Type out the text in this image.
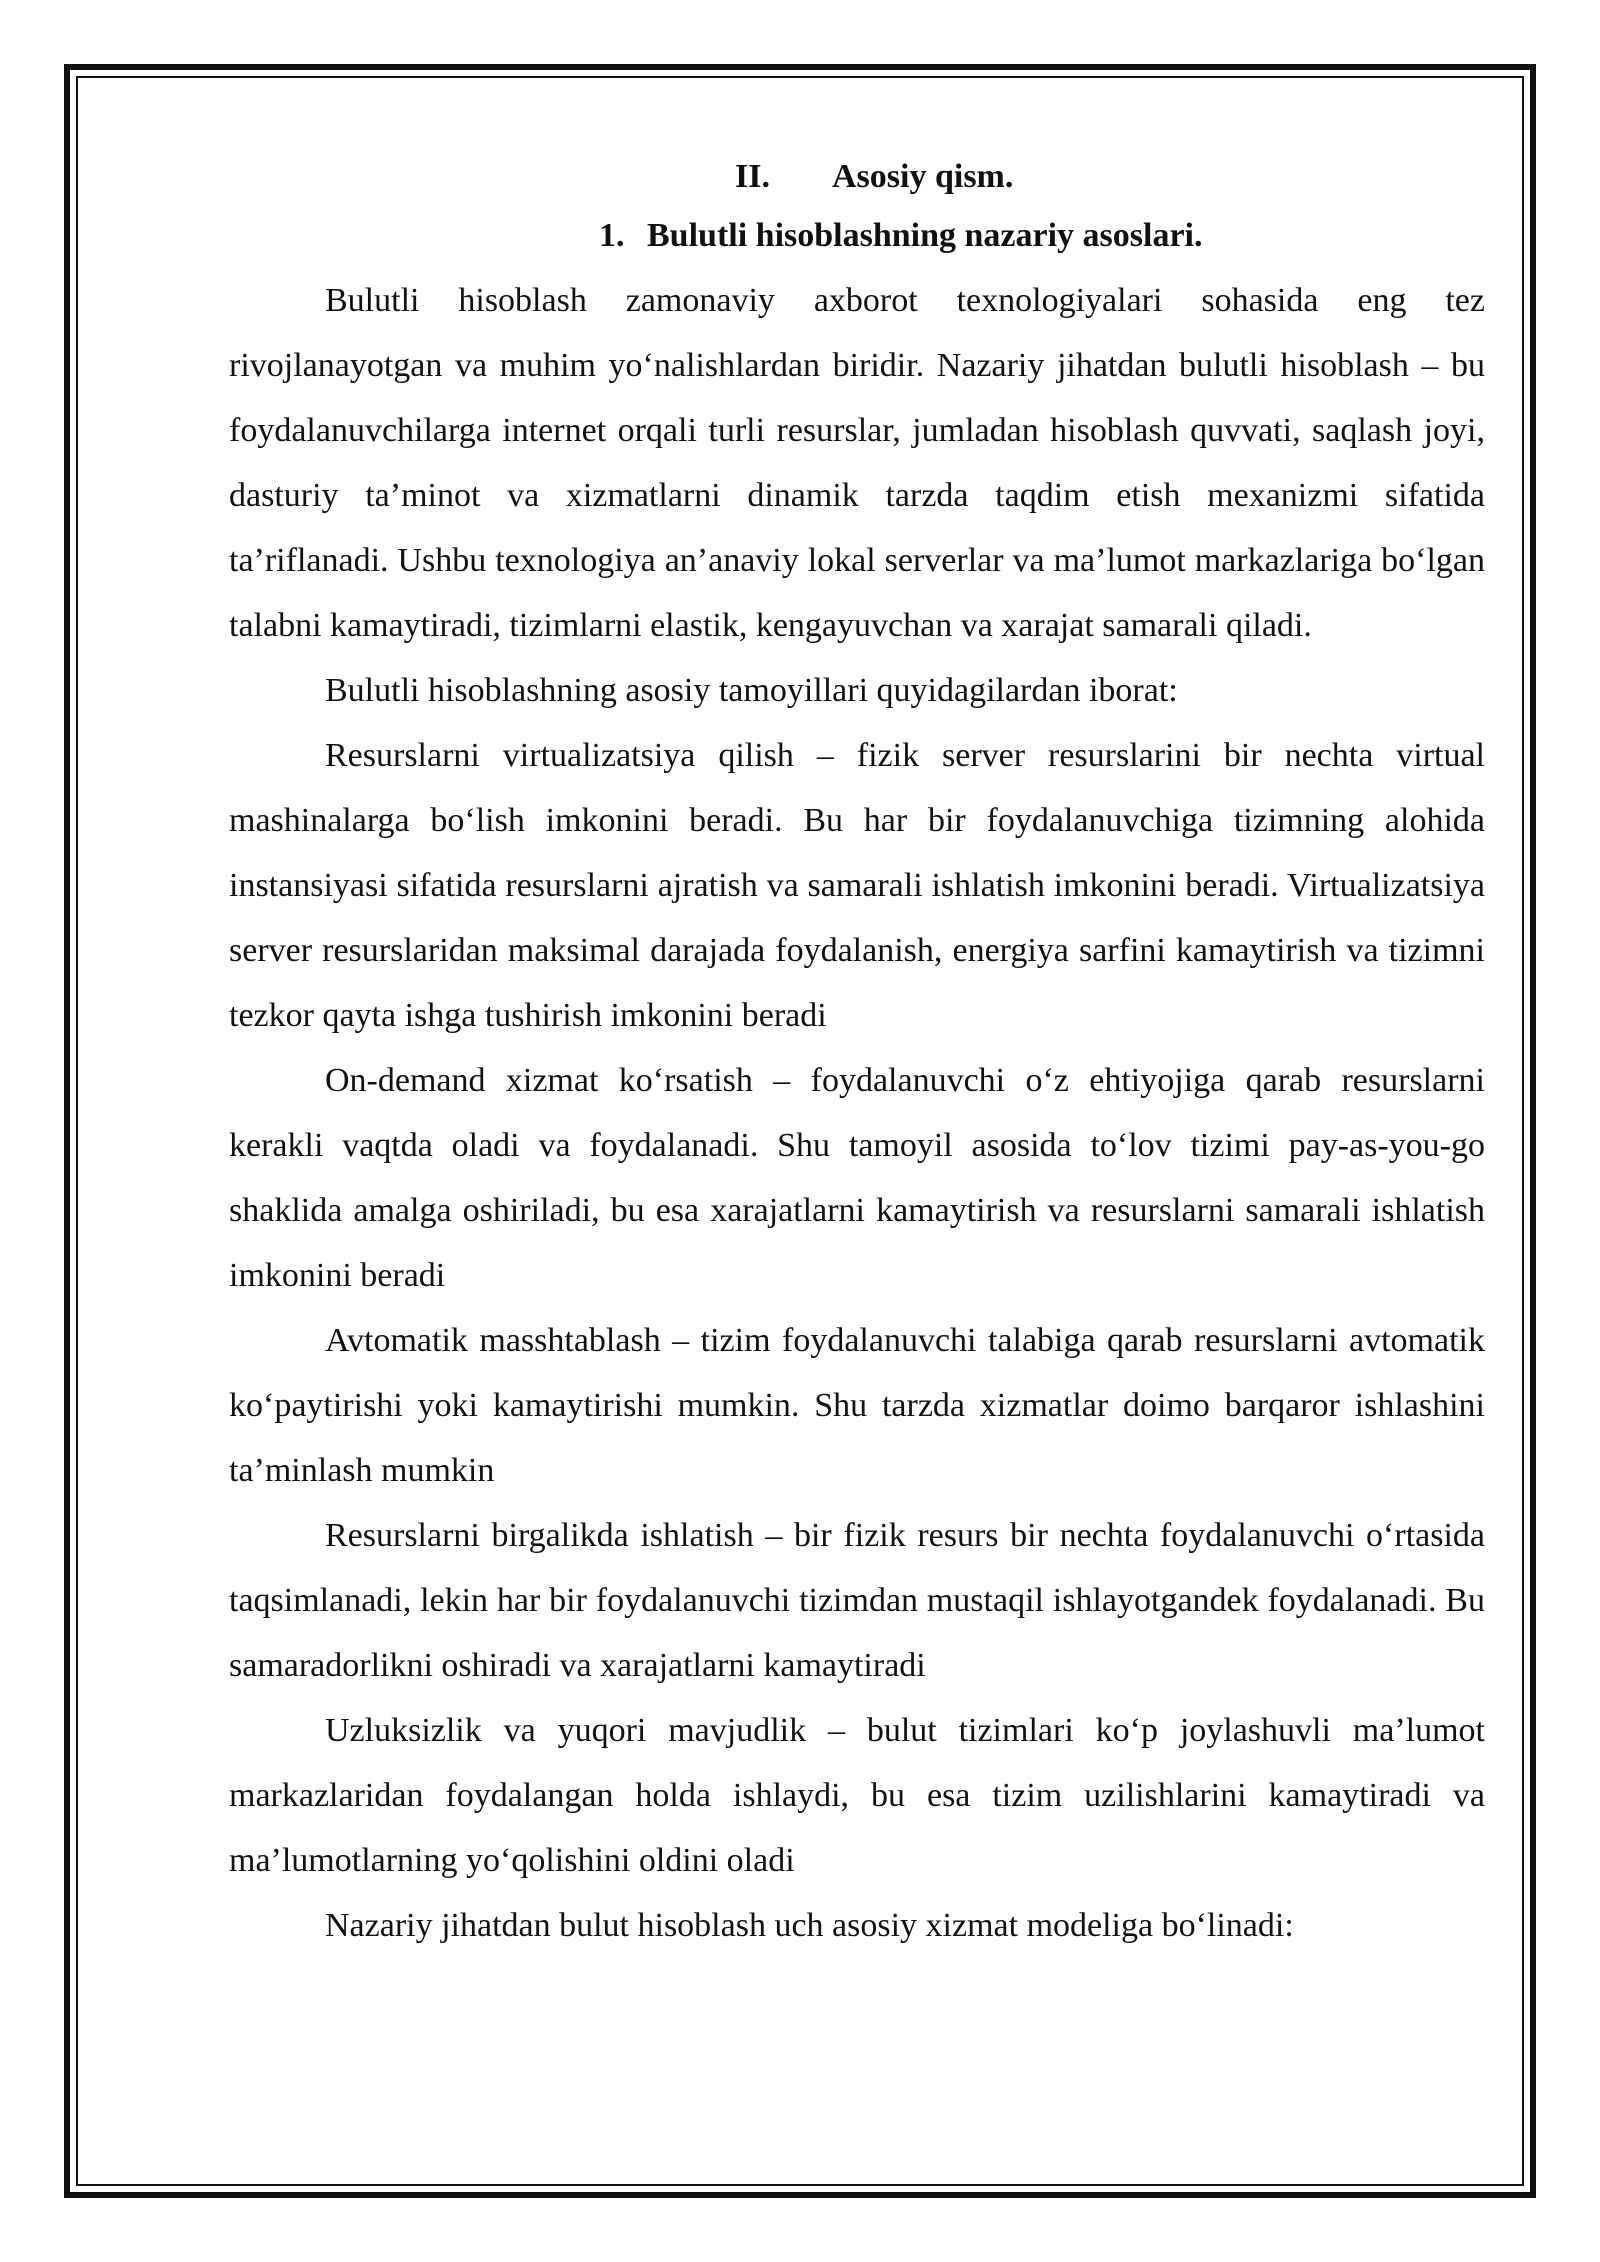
II. Asosiy qism.
1. Bulutli hisoblashning nazariy asoslari.

Bulutli hisoblash zamonaviy axborot texnologiyalari sohasida eng tez rivojlanayotgan va muhim yo‘nalishlardan biridir. Nazariy jihatdan bulutli hisoblash – bu foydalanuvchilarga internet orqali turli resurslar, jumladan hisoblash quvvati, saqlash joyi, dasturiy ta’minot va xizmatlarni dinamik tarzda taqdim etish mexanizmi sifatida ta’riflanadi. Ushbu texnologiya an’anaviy lokal serverlar va ma’lumot markazlariga bo‘lgan talabni kamaytiradi, tizimlarni elastik, kengayuvchan va xarajat samarali qiladi.

Bulutli hisoblashning asosiy tamoyillari quyidagilardan iborat:

Resurslarni virtualizatsiya qilish – fizik server resurslarini bir nechta virtual mashinalarga bo‘lish imkonini beradi. Bu har bir foydalanuvchiga tizimning alohida instansiyasi sifatida resurslarni ajratish va samarali ishlatish imkonini beradi. Virtualizatsiya server resurslaridan maksimal darajada foydalanish, energiya sarfini kamaytirish va tizimni tezkor qayta ishga tushirish imkonini beradi

On-demand xizmat ko‘rsatish – foydalanuvchi o‘z ehtiyojiga qarab resurslarni kerakli vaqtda oladi va foydalanadi. Shu tamoyil asosida to‘lov tizimi pay-as-you-go shaklida amalga oshiriladi, bu esa xarajatlarni kamaytirish va resurslarni samarali ishlatish imkonini beradi

Avtomatik masshtablash – tizim foydalanuvchi talabiga qarab resurslarni avtomatik ko‘paytirishi yoki kamaytirishi mumkin. Shu tarzda xizmatlar doimo barqaror ishlashini ta’minlash mumkin

Resurslarni birgalikda ishlatish – bir fizik resurs bir nechta foydalanuvchi o‘rtasida taqsimlanadi, lekin har bir foydalanuvchi tizimdan mustaqil ishlayotgandek foydalanadi. Bu samaradorlikni oshiradi va xarajatlarni kamaytiradi

Uzluksizlik va yuqori mavjudlik – bulut tizimlari ko‘p joylashuvli ma’lumot markazlaridan foydalangan holda ishlaydi, bu esa tizim uzilishlarini kamaytiradi va ma’lumotlarning yo‘qolishini oldini oladi

Nazariy jihatdan bulut hisoblash uch asosiy xizmat modeliga bo‘linadi:
